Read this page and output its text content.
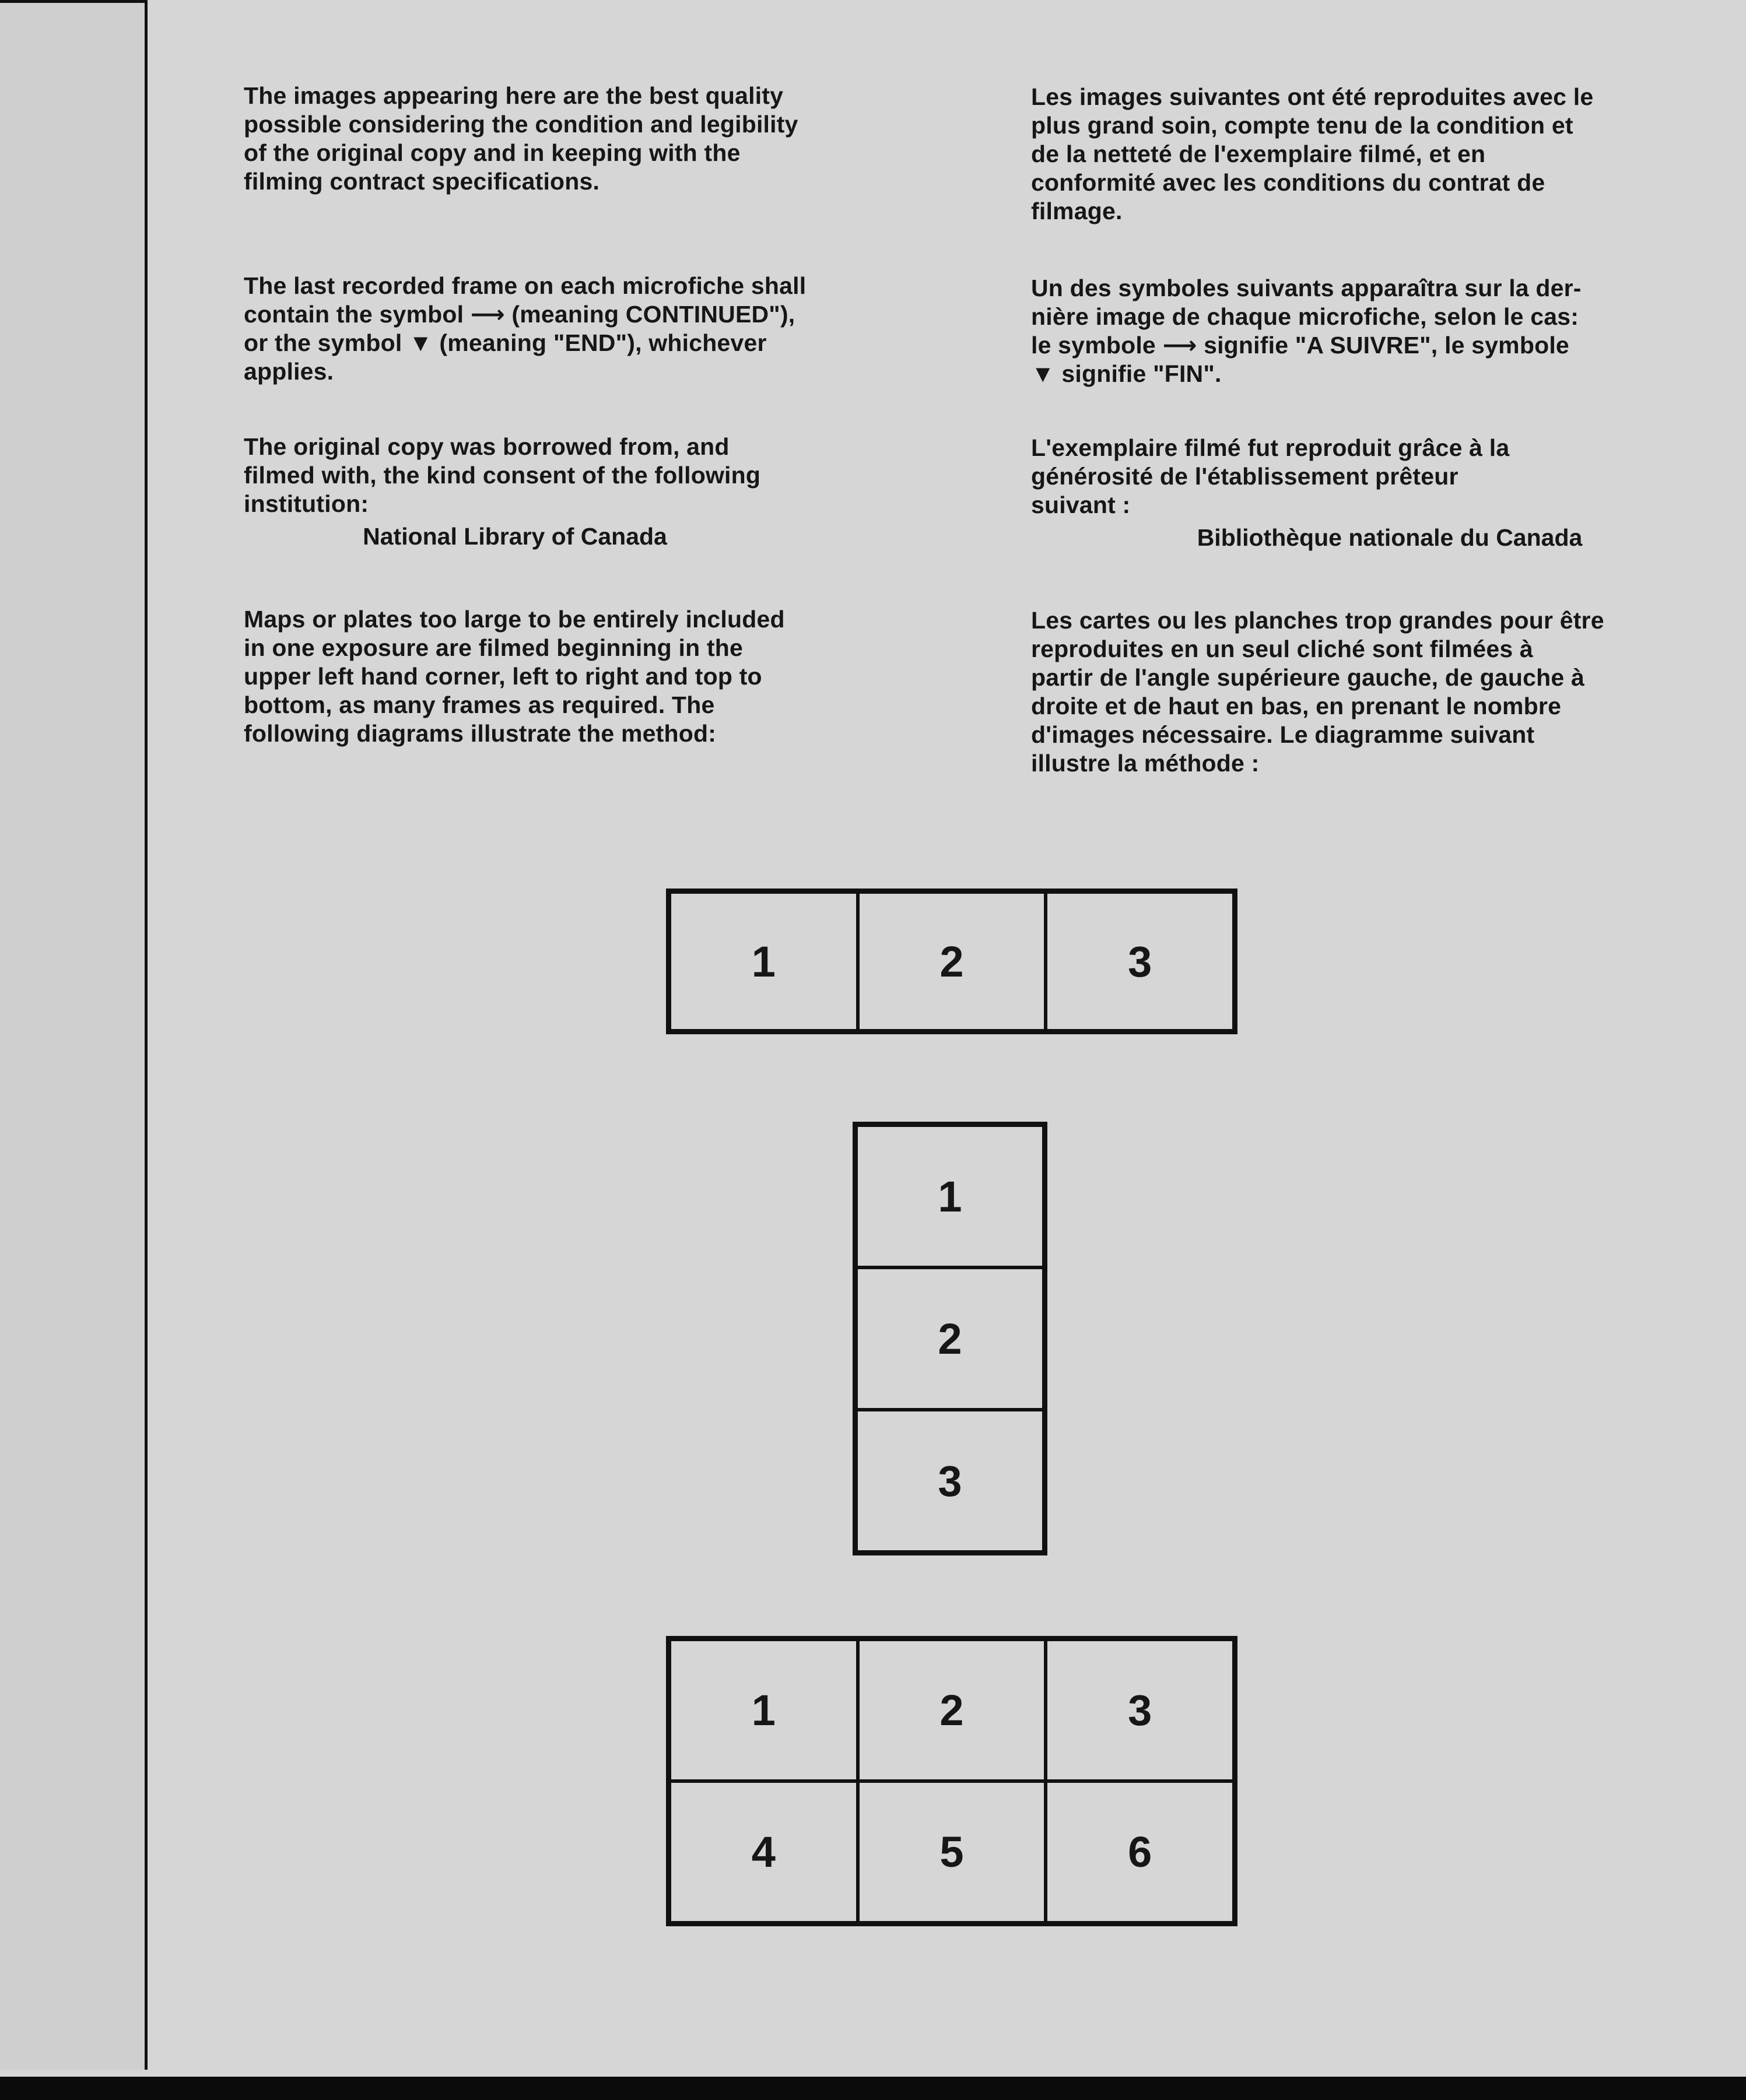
The images appearing here are the best quality
possible considering the condition and legibility
of the original copy and in keeping with the
filming contract specifications.

The last recorded frame on each microfiche shall
contain the symbol ⟶ (meaning CONTINUED"),
or the symbol ▼ (meaning "END"), whichever
applies.

The original copy was borrowed from, and
filmed with, the kind consent of the following
institution:

National Library of Canada

Maps or plates too large to be entirely included
in one exposure are filmed beginning in the
upper left hand corner, left to right and top to
bottom, as many frames as required. The
following diagrams illustrate the method:

Les images suivantes ont été reproduites avec le
plus grand soin, compte tenu de la condition et
de la netteté de l'exemplaire filmé, et en
conformité avec les conditions du contrat de
filmage.

Un des symboles suivants apparaîtra sur la der-
nière image de chaque microfiche, selon le cas:
le symbole ⟶ signifie "A SUIVRE", le symbole
▼ signifie "FIN".

L'exemplaire filmé fut reproduit grâce à la
générosité de l'établissement prêteur
suivant :

Bibliothèque nationale du Canada

Les cartes ou les planches trop grandes pour être
reproduites en un seul cliché sont filmées à
partir de l'angle supérieure gauche, de gauche à
droite et de haut en bas, en prenant le nombre
d'images nécessaire. Le diagramme suivant
illustre la méthode :

1	2	3
1
2
3
1	2	3
4	5	6
